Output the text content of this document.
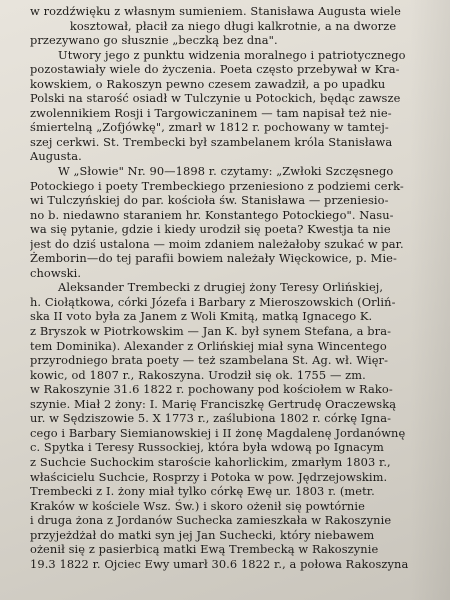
w rozdźwięku z własnym sumieniem. Stanisława Augusta wiele
kosztował, płacił za niego długi kalkrotnie, a na dworze
przezywano go słusznie „beczką bez dna".
Utwory jego z punktu widzenia moralnego i patriotycznego
pozostawiały wiele do życzenia. Poeta często przebywał w Kra-
kowskiem, o Rakoszyn pewno czesem zawadził, a po upadku
Polski na starość osiadł w Tulczynie u Potockich, będąc zawsze
zwolennikiem Rosji i Targowiczaninem — tam napisał też nie-
śmiertelną „Zofjówkę", zmarł w 1812 r. pochowany w tamtej-
szej cerkwi. St. Trembecki był szambelanem króla Stanisława
Augusta.
W „Słowie" Nr. 90—1898 r. czytamy: „Zwłoki Szczęsnego
Potockiego i poety Trembeckiego przeniesiono z podziemi cerk-
wi Tulczyńskiej do par. kościoła św. Stanisława — przeniesio-
no b. niedawno staraniem hr. Konstantego Potockiego". Nasu-
wa się pytanie, gdzie i kiedy urodził się poeta? Kwestja ta nie
jest do dziś ustalona — moim zdaniem należałoby szukać w par.
Żemborin—do tej parafii bowiem należały Więckowice, p. Mie-
chowski.
Aleksander Trembecki z drugiej żony Teresy Orlińskiej,
h. Ciołątkowa, córki Józefa i Barbary z Mieroszowskich (Orliń-
ska II voto była za Janem z Woli Kmitą, matką Ignacego K.
z Bryszok w Piotrkowskim — Jan K. był synem Stefana, a bra-
tem Dominika). Alexander z Orlińskiej miał syna Wincentego
przyrodniego brata poety — też szambelana St. Ag. wł. Więr-
kowic, od 1807 r., Rakoszyna. Urodził się ok. 1755 — zm.
w Rakoszynie 31.6 1822 r. pochowany pod kościołem w Rako-
szynie. Miał 2 żony: I. Marię Franciszkę Gertrudę Oraczewską
ur. w Sędziszowie 5. X 1773 r., zaślubiona 1802 r. córkę Igna-
cego i Barbary Siemianowskiej i II żonę Magdalenę Jordanównę
c. Spytka i Teresy Russockiej, która była wdową po Ignacym
z Suchcie Suchockim staroście kahorlickim, zmarłym 1803 r.,
właścicielu Suchcie, Rosprzy i Potoka w pow. Jędrzejowskim.
Trembecki z I. żony miał tylko córkę Ewę ur. 1803 r. (metr.
Kraków w kościele Wsz. Św.) i skoro ożenił się powtórnie
i druga żona z Jordanów Suchecka zamieszkała w Rakoszynie
przyjeżdżał do matki syn jej Jan Suchecki, który niebawem
ożenił się z pasierbicą matki Ewą Trembecką w Rakoszynie
19.3 1822 r. Ojciec Ewy umarł 30.6 1822 r., a połowa Rakoszyna
